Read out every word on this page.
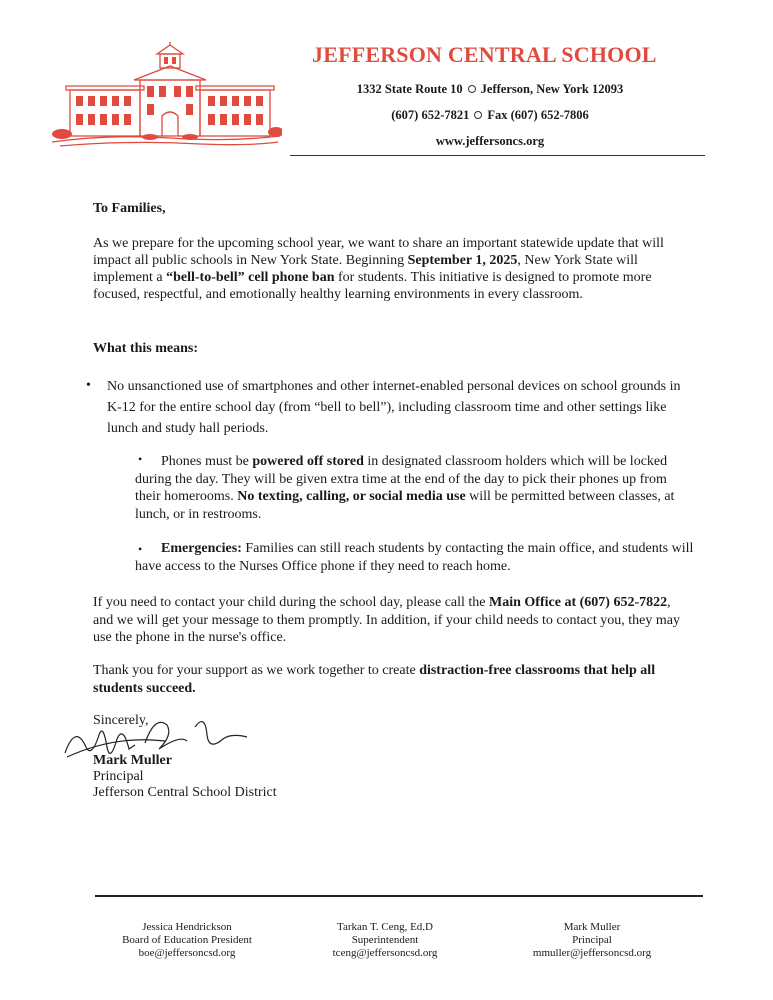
JEFFERSON CENTRAL SCHOOL
1332 State Route 10 Jefferson, New York 12093
(607) 652-7821 Fax (607) 652-7806
www.jeffersoncs.org
To Families,
As we prepare for the upcoming school year, we want to share an important statewide update that will impact all public schools in New York State. Beginning September 1, 2025, New York State will implement a “bell-to-bell” cell phone ban for students. This initiative is designed to promote more focused, respectful, and emotionally healthy learning environments in every classroom.
What this means:
• No unsanctioned use of smartphones and other internet-enabled personal devices on school grounds in K-12 for the entire school day (from “bell to bell”), including classroom time and other settings like lunch and study hall periods.
•	Phones must be powered off stored in designated classroom holders which will be locked during the day. They will be given extra time at the end of the day to pick their phones up from their homerooms. No texting, calling, or social media use will be permitted between classes, at lunch, or in restrooms.
•	Emergencies: Families can still reach students by contacting the main office, and students will have access to the Nurses Office phone if they need to reach home.
If you need to contact your child during the school day, please call the Main Office at (607) 652-7822, and we will get your message to them promptly. In addition, if your child needs to contact you, they may use the phone in the nurse's office.
Thank you for your support as we work together to create distraction-free classrooms that help all students succeed.
Sincerely,
Mark Muller
Principal
Jefferson Central School District
Jessica Hendrickson
Board of Education President
boe@jeffersoncsd.org
Tarkan T. Ceng, Ed.D
Superintendent
tceng@jeffersoncsd.org
Mark Muller
Principal
mmuller@jeffersoncsd.org
